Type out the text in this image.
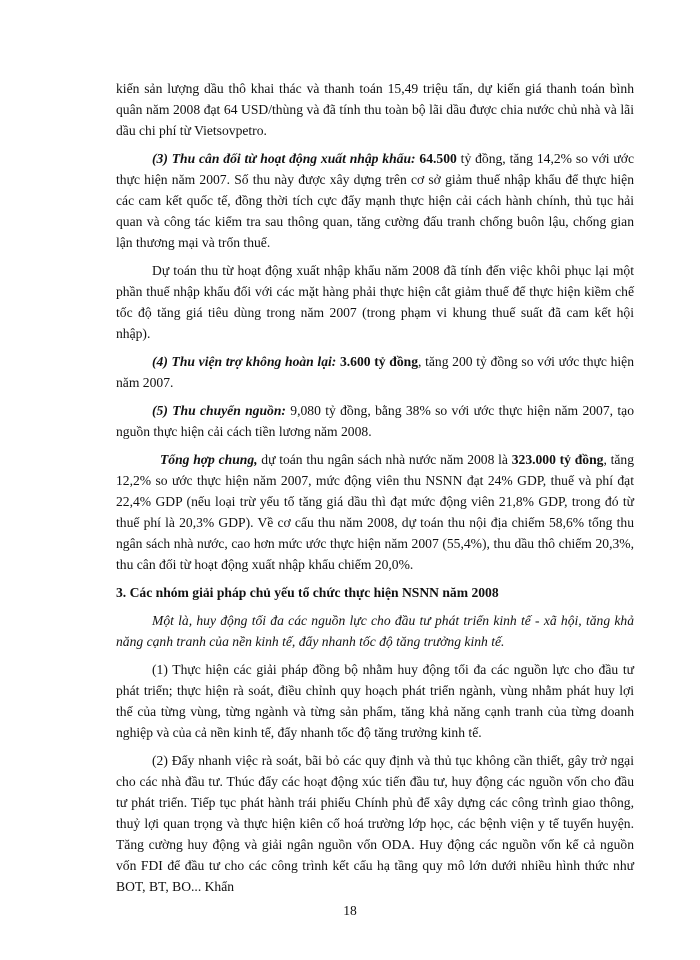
kiến sản lượng dầu thô khai thác và thanh toán 15,49 triệu tấn, dự kiến giá thanh toán bình quân năm 2008 đạt 64 USD/thùng và đã tính thu toàn bộ lãi dầu được chia nước chủ nhà và lãi dầu chi phí từ Vietsovpetro.

(3) Thu cân đối từ hoạt động xuất nhập khẩu: 64.500 tỷ đồng, tăng 14,2% so với ước thực hiện năm 2007. Số thu này được xây dựng trên cơ sở giảm thuế nhập khẩu để thực hiện các cam kết quốc tế, đồng thời tích cực đẩy mạnh thực hiện cải cách hành chính, thủ tục hải quan và công tác kiểm tra sau thông quan, tăng cường đấu tranh chống buôn lậu, chống gian lận thương mại và trốn thuế.

Dự toán thu từ hoạt động xuất nhập khẩu năm 2008 đã tính đến việc khôi phục lại một phần thuế nhập khẩu đối với các mặt hàng phải thực hiện cắt giảm thuế để thực hiện kiềm chế tốc độ tăng giá tiêu dùng trong năm 2007 (trong phạm vi khung thuế suất đã cam kết hội nhập).

(4) Thu viện trợ không hoàn lại: 3.600 tỷ đồng, tăng 200 tỷ đồng so với ước thực hiện năm 2007.

(5) Thu chuyển nguồn: 9,080 tỷ đồng, bằng 38% so với ước thực hiện năm 2007, tạo nguồn thực hiện cải cách tiền lương năm 2008.

Tổng hợp chung, dự toán thu ngân sách nhà nước năm 2008 là 323.000 tỷ đồng, tăng 12,2% so ước thực hiện năm 2007, mức động viên thu NSNN đạt 24% GDP, thuế và phí đạt 22,4% GDP (nếu loại trừ yếu tố tăng giá dầu thì đạt mức động viên 21,8% GDP, trong đó từ thuế phí là 20,3% GDP). Về cơ cấu thu năm 2008, dự toán thu nội địa chiếm 58,6% tổng thu ngân sách nhà nước, cao hơn mức ước thực hiện năm 2007 (55,4%), thu dầu thô chiếm 20,3%, thu cân đối từ hoạt động xuất nhập khẩu chiếm 20,0%.

3. Các nhóm giải pháp chủ yếu tổ chức thực hiện NSNN năm 2008

Một là, huy động tối đa các nguồn lực cho đầu tư phát triển kinh tế - xã hội, tăng khả năng cạnh tranh của nền kinh tế, đẩy nhanh tốc độ tăng trưởng kinh tế.

(1) Thực hiện các giải pháp đồng bộ nhằm huy động tối đa các nguồn lực cho đầu tư phát triển; thực hiện rà soát, điều chỉnh quy hoạch phát triển ngành, vùng nhằm phát huy lợi thế của từng vùng, từng ngành và từng sản phẩm, tăng khả năng cạnh tranh của từng doanh nghiệp và của cả nền kinh tế, đẩy nhanh tốc độ tăng trưởng kinh tế.

(2) Đẩy nhanh việc rà soát, bãi bỏ các quy định và thủ tục không cần thiết, gây trở ngại cho các nhà đầu tư. Thúc đẩy các hoạt động xúc tiến đầu tư, huy động các nguồn vốn cho đầu tư phát triển. Tiếp tục phát hành trái phiếu Chính phủ để xây dựng các công trình giao thông, thuỷ lợi quan trọng và thực hiện kiên cố hoá trường lớp học, các bệnh viện y tế tuyến huyện. Tăng cường huy động và giải ngân nguồn vốn ODA. Huy động các nguồn vốn kể cả nguồn vốn FDI để đầu tư cho các công trình kết cấu hạ tầng quy mô lớn dưới nhiều hình thức như BOT, BT, BO... Khẩn

18
